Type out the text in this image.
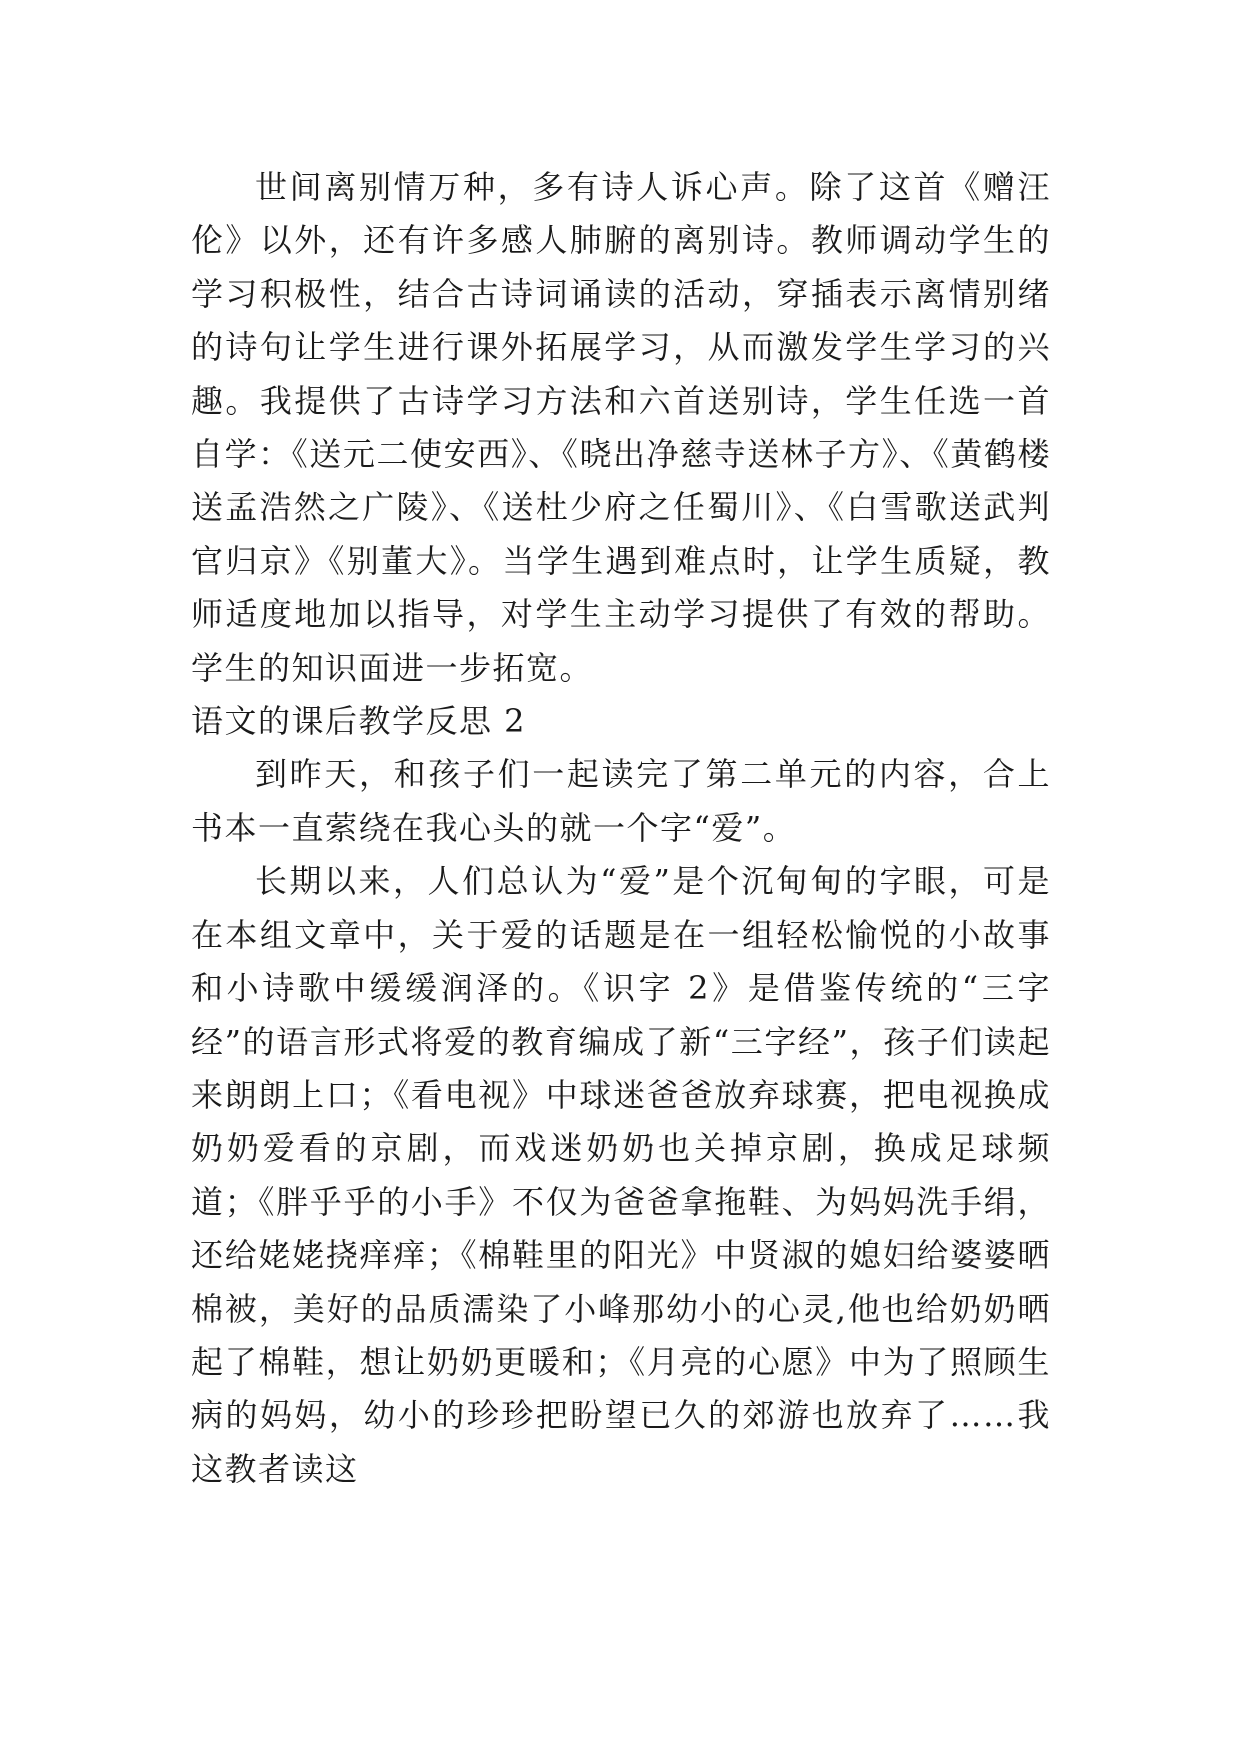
世间离别情万种，多有诗人诉心声。除了这首《赠汪伦》以外，还有许多感人肺腑的离别诗。教师调动学生的学习积极性，结合古诗词诵读的活动，穿插表示离情别绪的诗句让学生进行课外拓展学习，从而激发学生学习的兴趣。我提供了古诗学习方法和六首送别诗，学生任选一首自学：《送元二使安西》、《晓出净慈寺送林子方》、《黄鹤楼送孟浩然之广陵》、《送杜少府之任蜀川》、《白雪歌送武判官归京》《别董大》。当学生遇到难点时，让学生质疑，教师适度地加以指导，对学生主动学习提供了有效的帮助。学生的知识面进一步拓宽。

语文的课后教学反思 2

到昨天，和孩子们一起读完了第二单元的内容，合上书本一直萦绕在我心头的就一个字“爱”。

长期以来，人们总认为“爱”是个沉甸甸的字眼，可是在本组文章中，关于爱的话题是在一组轻松愉悦的小故事和小诗歌中缓缓润泽的。《识字 2》是借鉴传统的“三字经”的语言形式将爱的教育编成了新“三字经”，孩子们读起来朗朗上口；《看电视》中球迷爸爸放弃球赛，把电视换成奶奶爱看的京剧，而戏迷奶奶也关掉京剧，换成足球频道；《胖乎乎的小手》不仅为爸爸拿拖鞋、为妈妈洗手绢，还给姥姥挠痒痒；《棉鞋里的阳光》中贤淑的媳妇给婆婆晒棉被，美好的品质濡染了小峰那幼小的心灵,他也给奶奶晒起了棉鞋，想让奶奶更暖和；《月亮的心愿》中为了照顾生病的妈妈，幼小的珍珍把盼望已久的郊游也放弃了……我这教者读这
